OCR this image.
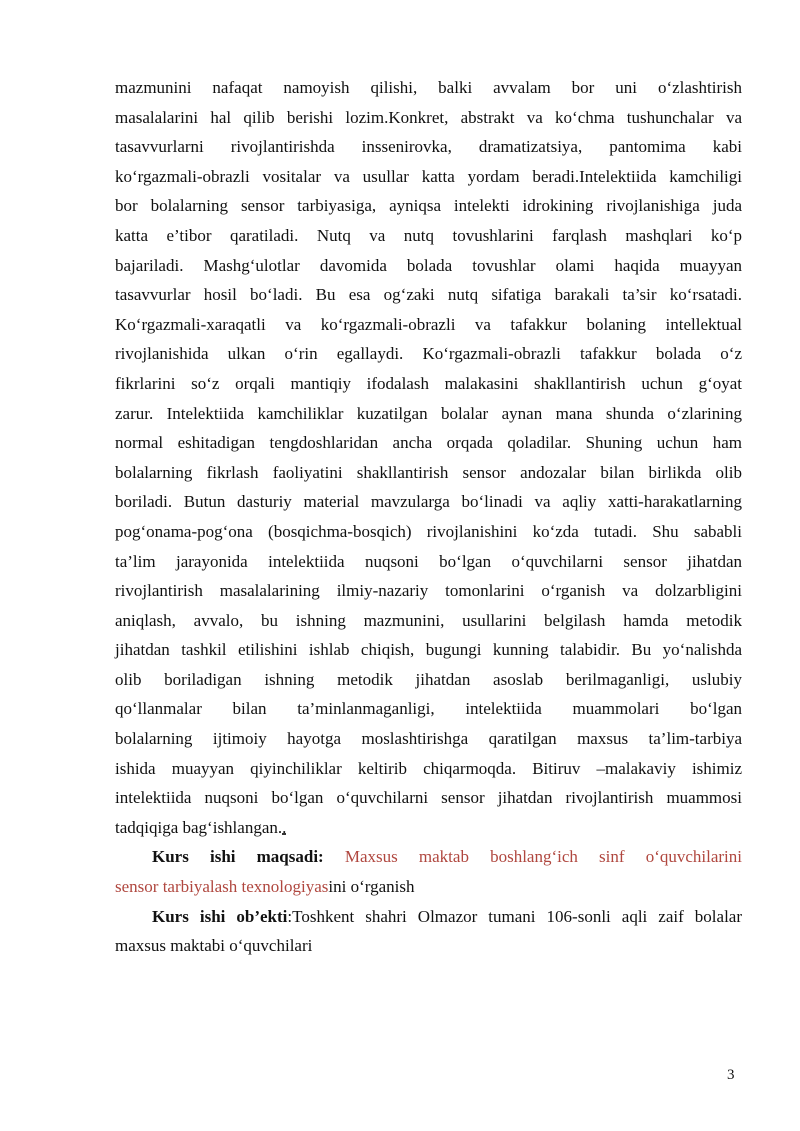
mazmunini nafaqat namoyish qilishi, balki avvalam bor uni o‘zlashtirish
masalalarini hal qilib berishi lozim.Konkret, abstrakt va ko‘chma tushunchalar va
tasavvurlarni rivojlantirishda inssenirovka, dramatizatsiya, pantomima kabi
ko‘rgazmali-obrazli vositalar va usullar katta yordam beradi.Intelektiida kamchiligi
bor bolalarning sensor tarbiyasiga, ayniqsa intelekti idrokining rivojlanishiga juda
katta e’tibor qaratiladi. Nutq va nutq tovushlarini farqlash mashqlari ko‘p
bajariladi. Mashg‘ulotlar davomida bolada tovushlar olami haqida muayyan
tasavvurlar hosil bo‘ladi. Bu esa og‘zaki nutq sifatiga barakali ta’sir ko‘rsatadi.
Ko‘rgazmali-xaraqatli va ko‘rgazmali-obrazli va tafakkur bolaning intellektual
rivojlanishida ulkan o‘rin egallaydi. Ko‘rgazmali-obrazli tafakkur bolada o‘z
fikrlarini so‘z orqali mantiqiy ifodalash malakasini shakllantirish uchun g‘oyat
zarur. Intelektiida kamchiliklar kuzatilgan bolalar aynan mana shunda o‘zlarining
normal eshitadigan tengdoshlaridan ancha orqada qoladilar. Shuning uchun ham
bolalarning fikrlash faoliyatini shakllantirish sensor andozalar bilan birlikda olib
boriladi. Butun dasturiy material mavzularga bo‘linadi va aqliy xatti-harakatlarning
pog‘onama-pog‘ona (bosqichma-bosqich) rivojlanishini ko‘zda tutadi. Shu sababli
ta’lim jarayonida intelektiida nuqsoni bo‘lgan o‘quvchilarni sensor jihatdan
rivojlantirish masalalarining ilmiy-nazariy tomonlarini o‘rganish va dolzarbligini
aniqlash, avvalo, bu ishning mazmunini, usullarini belgilash hamda metodik
jihatdan tashkil etilishini ishlab chiqish, bugungi kunning talabidir. Bu yo‘nalishda
olib boriladigan ishning metodik jihatdan asoslab berilmaganligi, uslubiy
qo‘llanmalar bilan ta’minlanmaganligi, intelektiida muammolari bo‘lgan
bolalarning ijtimoiy hayotga moslashtirishga qaratilgan maxsus ta’lim-tarbiya
ishida muayyan qiyinchiliklar keltirib chiqarmoqda. Bitiruv –malakaviy ishimiz
intelektiida nuqsoni bo‘lgan o‘quvchilarni sensor jihatdan rivojlantirish muammosi
tadqiqiga bag‘ishlangan..
Kurs ishi maqsadi: Maxsus maktab boshlang‘ich sinf o‘quvchilarini
sensor tarbiyalash texnologiyasini o‘rganish
Kurs ishi ob’ekti:Toshkent shahri Olmazor tumani 106-sonli aqli zaif bolalar
maxsus maktabi o‘quvchilari
3
